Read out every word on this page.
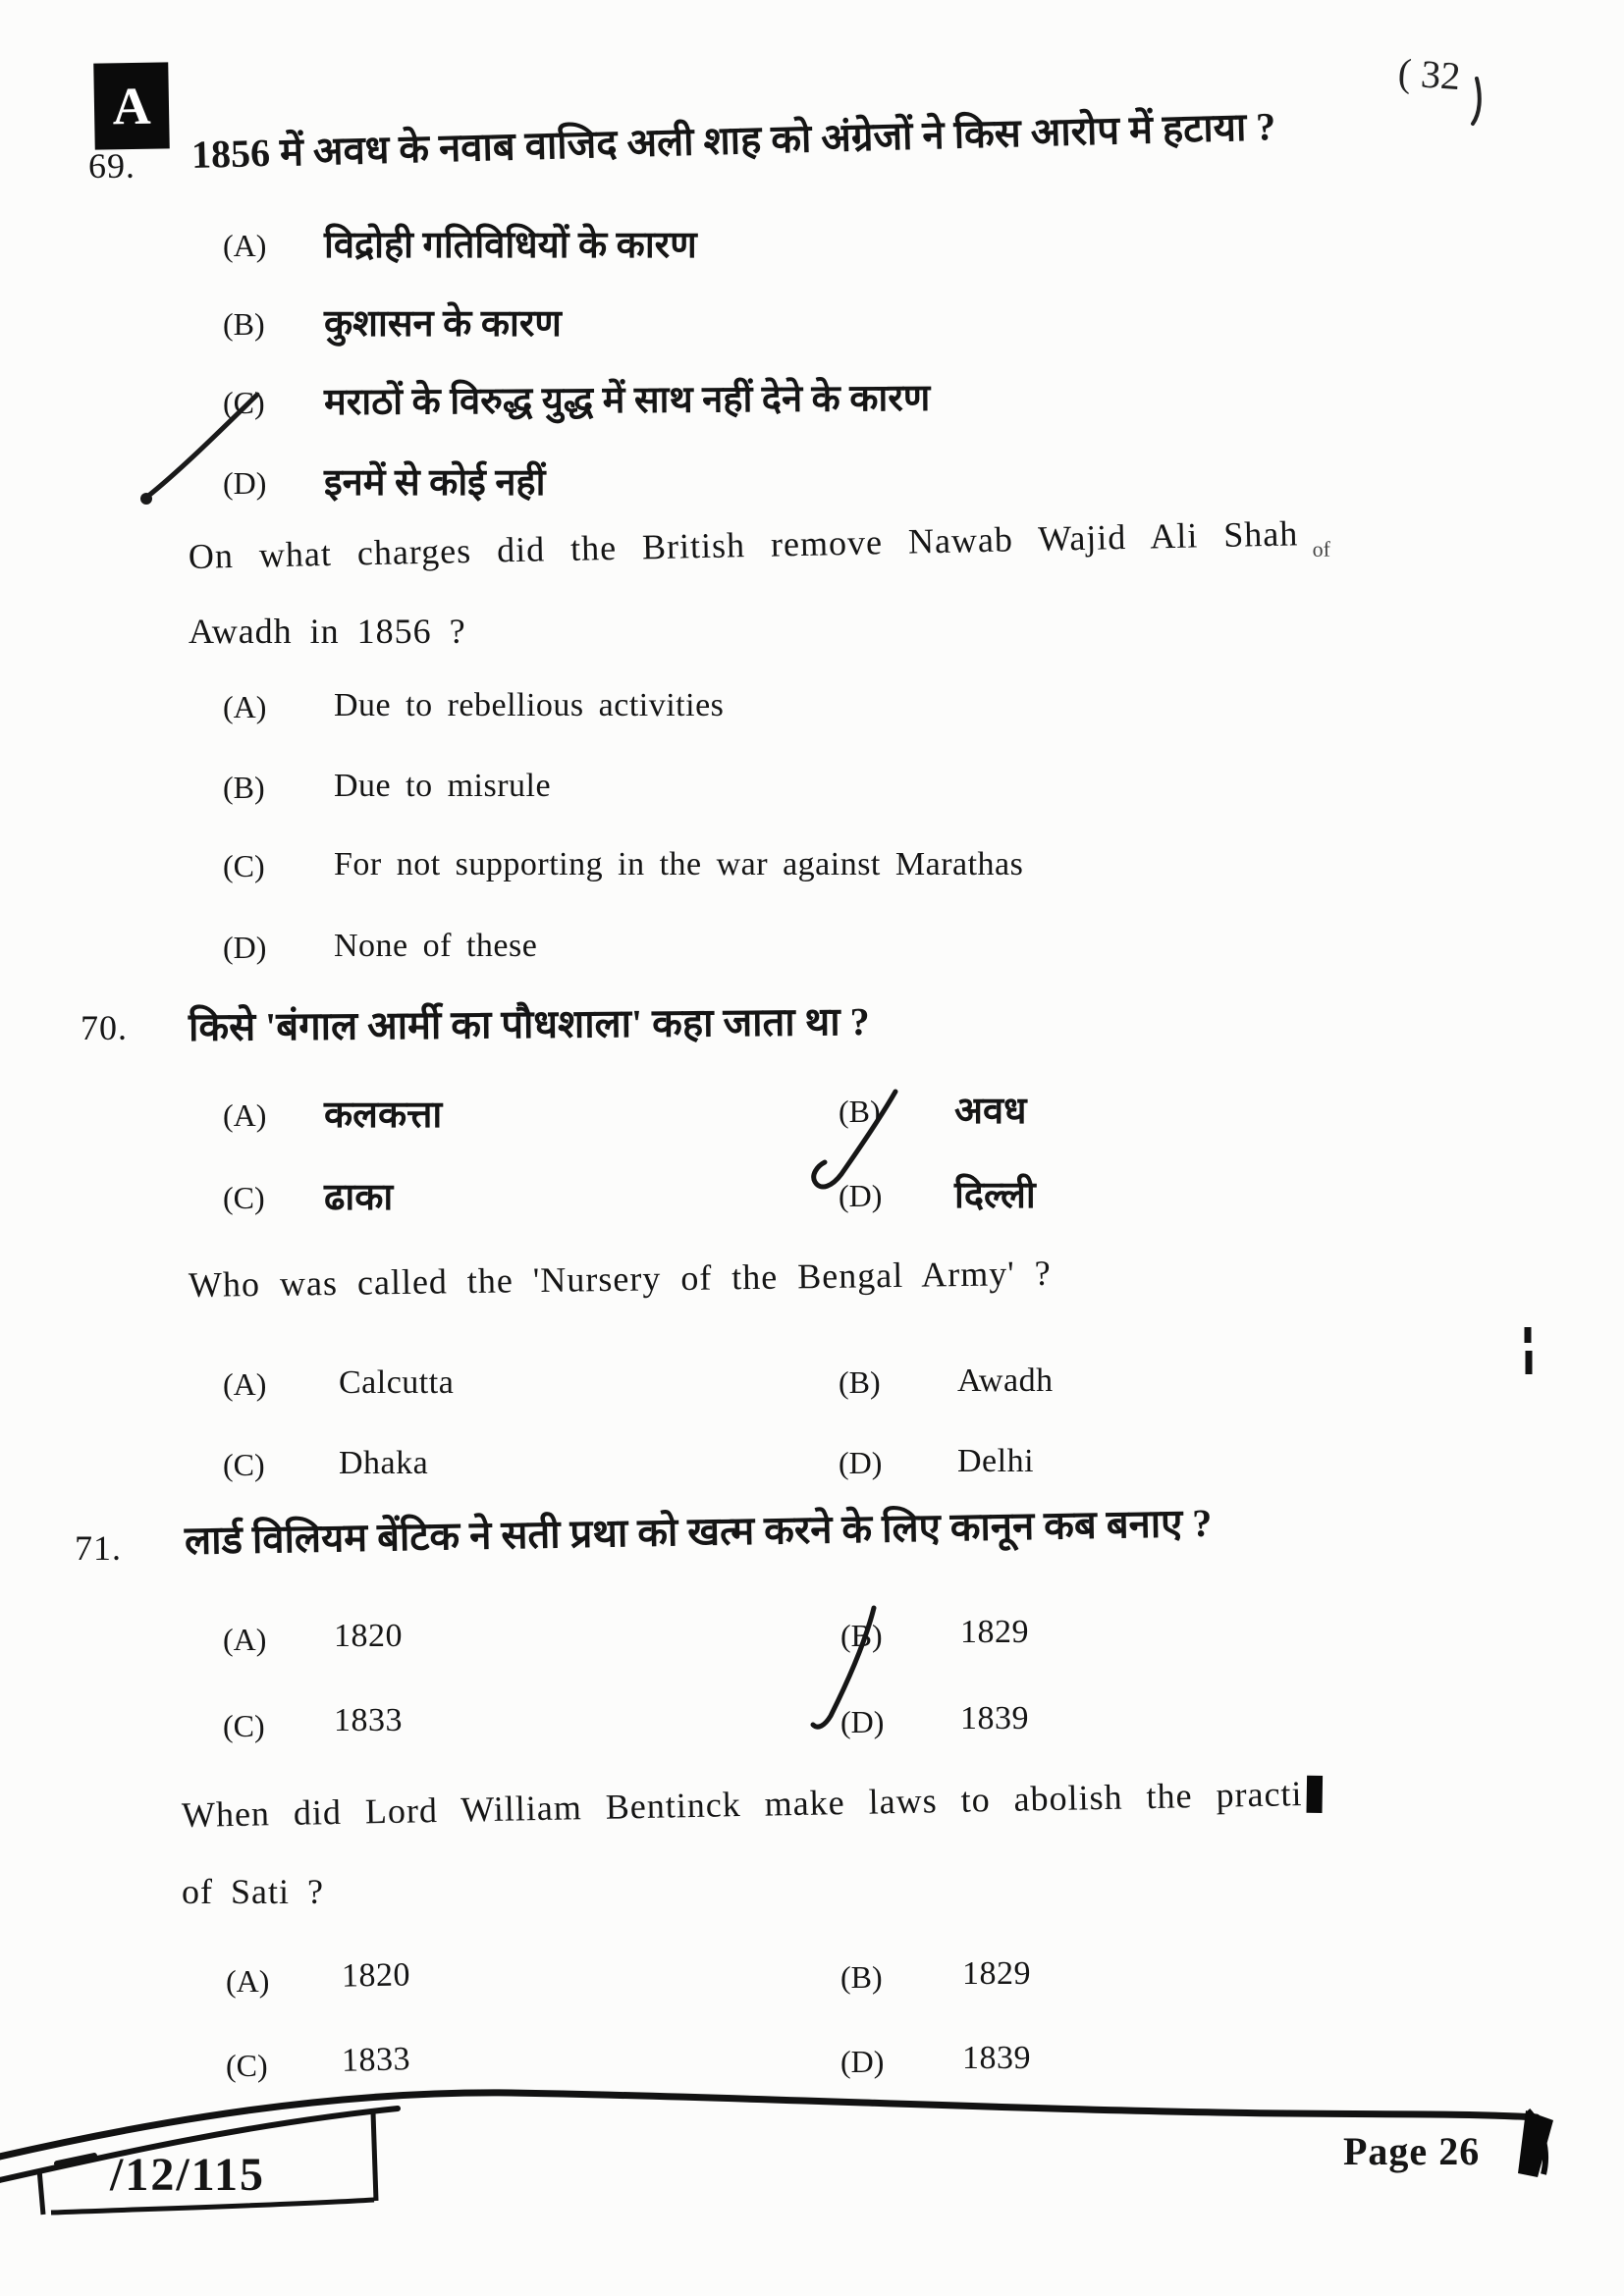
A
( 32
69. 1856 में अवध के नवाब वाजिद अली शाह को अंग्रेजों ने किस आरोप में हटाया ?
(A) विद्रोही गतिविधियों के कारण
(B) कुशासन के कारण
(C) मराठों के विरुद्ध युद्ध में साथ नहीं देने के कारण
(D) इनमें से कोई नहीं
On what charges did the British remove Nawab Wajid Ali Shah $_{of}$
Awadh in 1856 ?
(A) Due to rebellious activities
(B) Due to misrule
(C) For not supporting in the war against Marathas
(D) None of these
70. किसे 'बंगाल आर्मी का पौधशाला' कहा जाता था ?
(A) कलकत्ता	(B) अवध
(C) ढाका	(D) दिल्ली
Who was called the 'Nursery of the Bengal Army' ?
(A) Calcutta	(B) Awadh
(C) Dhaka	(D) Delhi
71. लार्ड विलियम बेंटिक ने सती प्रथा को खत्म करने के लिए कानून कब बनाए ?
(A) 1820	(B) 1829
(C) 1833	(D) 1839
When did Lord William Bentinck make laws to abolish the practi
of Sati ?
(A) 1820	(B) 1829
(C) 1833	(D) 1839
/12/115	Page 26
